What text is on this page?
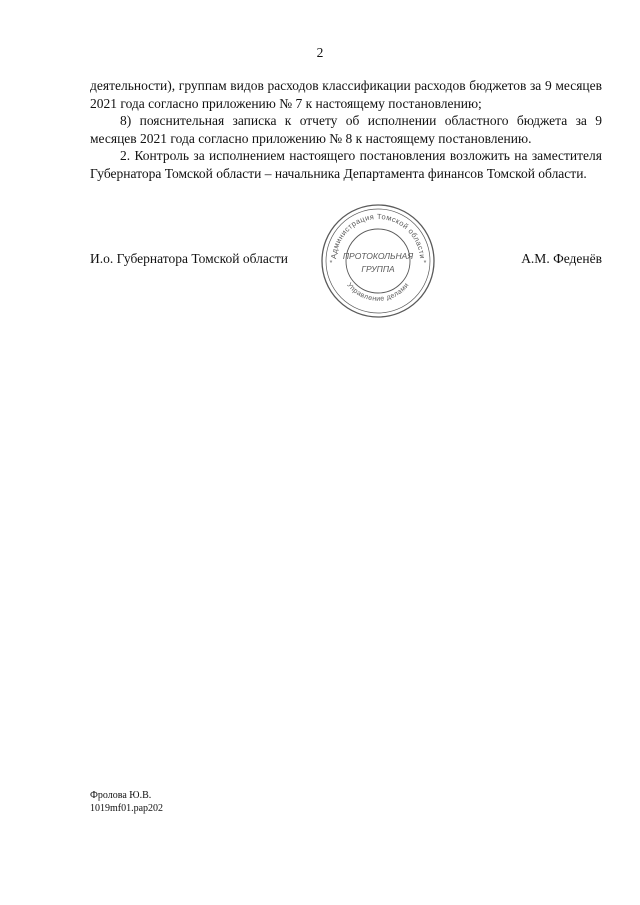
2

деятельности), группам видов расходов классификации расходов бюджетов за 9 месяцев 2021 года согласно приложению № 7 к настоящему постановлению;

8) пояснительная записка к отчету об исполнении областного бюджета за 9 месяцев 2021 года согласно приложению № 8 к настоящему постановлению.

2. Контроль за исполнением настоящего постановления возложить на заместителя Губернатора Томской области – начальника Департамента финансов Томской области.

И.о. Губернатора Томской области	Администрация Томской области
Управление делами
ПРОТОКОЛЬНАЯ
ГРУППА
*	*	А.М. Феденёв
Фролова Ю.В.
1019mf01.pap202
